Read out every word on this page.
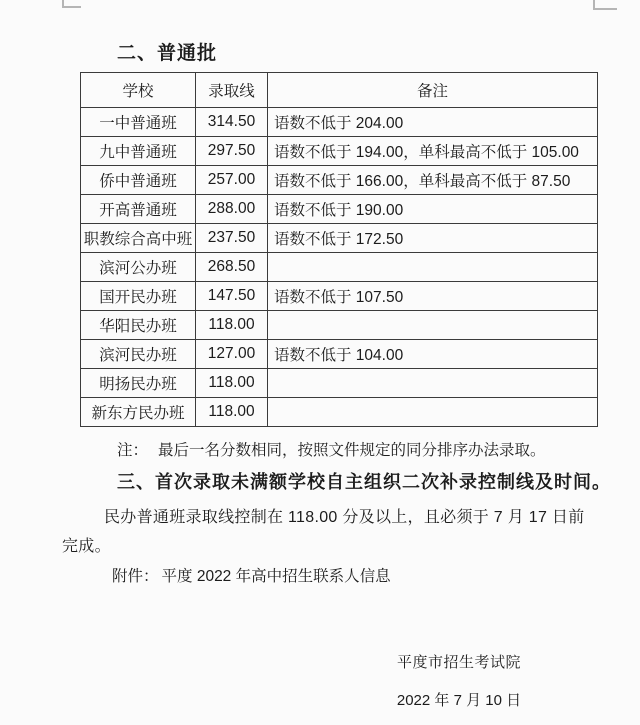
二、普通批
学校	录取线	备注
一中普通班	314.50	语数不低于 204.00
九中普通班	297.50	语数不低于 194.00，单科最高不低于 105.00
侨中普通班	257.00	语数不低于 166.00，单科最高不低于 87.50
开高普通班	288.00	语数不低于 190.00
职教综合高中班	237.50	语数不低于 172.50
滨河公办班	268.50	
国开民办班	147.50	语数不低于 107.50
华阳民办班	118.00	
滨河民办班	127.00	语数不低于 104.00
明扬民办班	118.00	
新东方民办班	118.00	
注： 最后一名分数相同，按照文件规定的同分排序办法录取。
三、首次录取未满额学校自主组织二次补录控制线及时间。
民办普通班录取线控制在 118.00 分及以上，且必须于 7 月 17 日前完成。
附件： 平度 2022 年高中招生联系人信息
平度市招生考试院
2022 年 7 月 10 日
